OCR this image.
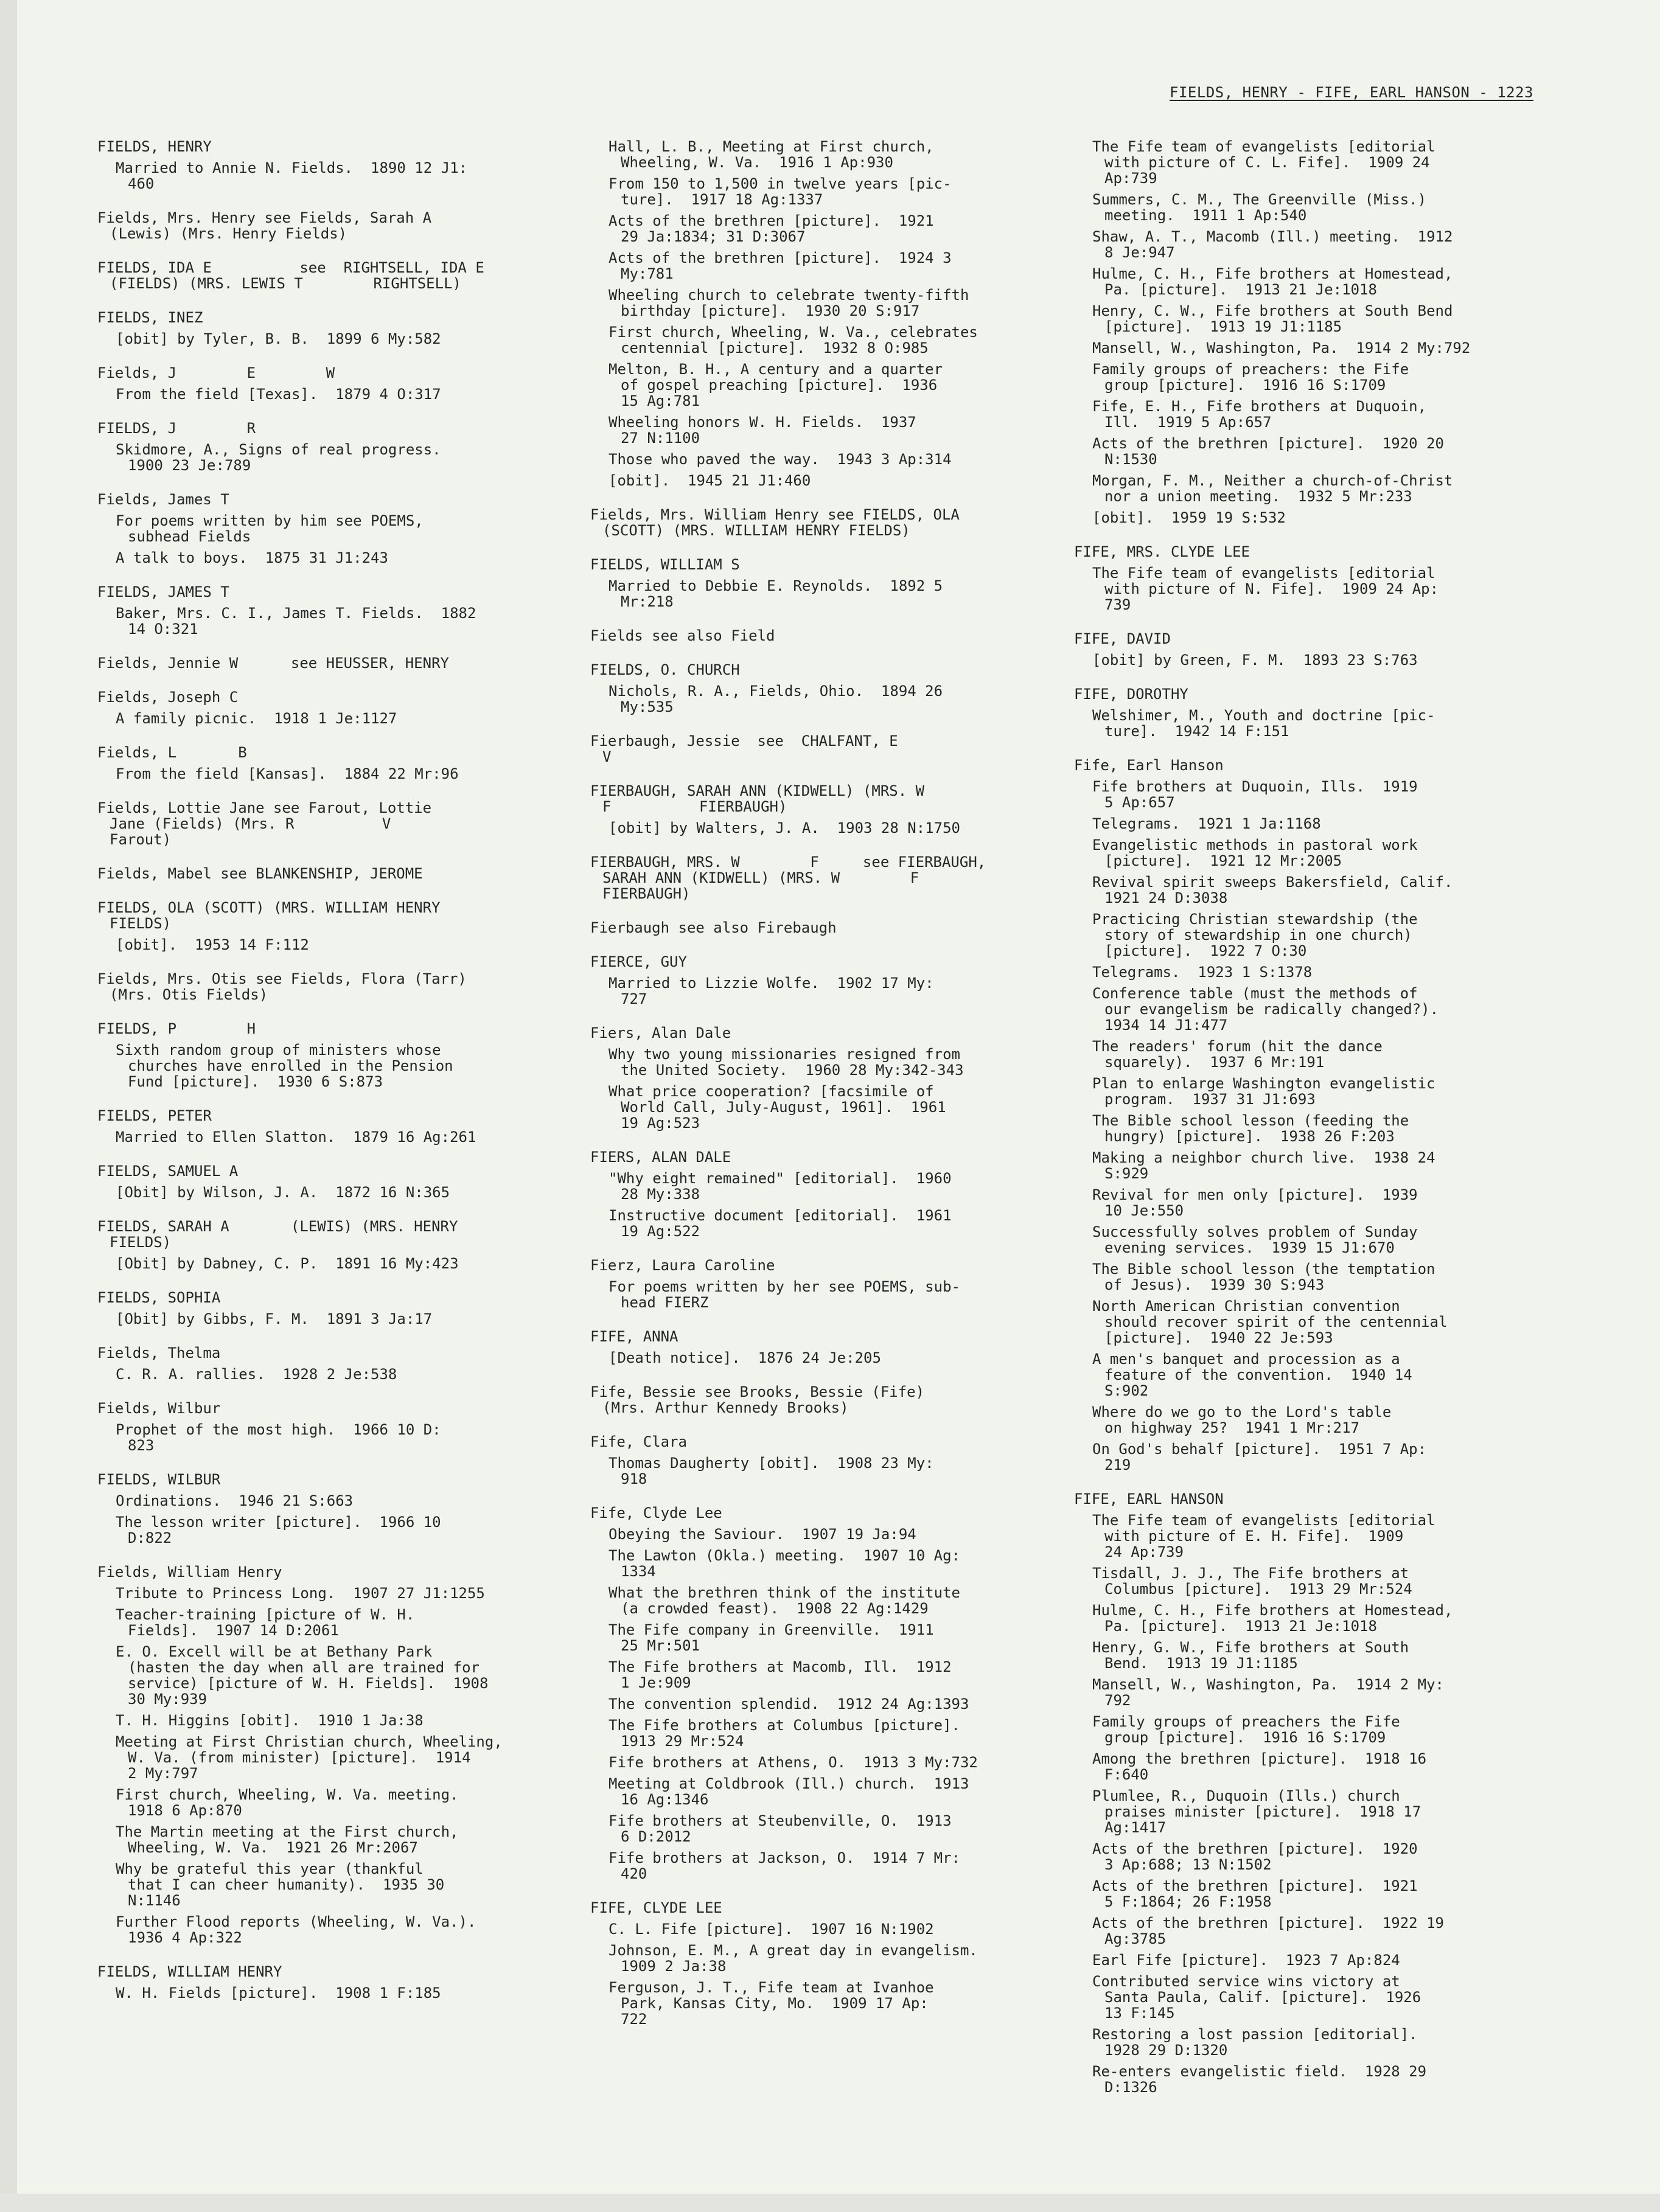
FIELDS, HENRY - FIFE, EARL HANSON - 1223
FIELDS, HENRY
Married to Annie N. Fields.  1890 12 J1:
460
Fields, Mrs. Henry see Fields, Sarah A
(Lewis) (Mrs. Henry Fields)
FIELDS, IDA E          see  RIGHTSELL, IDA E
(FIELDS) (MRS. LEWIS T        RIGHTSELL)
FIELDS, INEZ
[obit] by Tyler, B. B.  1899 6 My:582
Fields, J        E        W
From the field [Texas].  1879 4 O:317
FIELDS, J        R
Skidmore, A., Signs of real progress.
1900 23 Je:789
Fields, James T
For poems written by him see POEMS,
subhead Fields
A talk to boys.  1875 31 J1:243
FIELDS, JAMES T
Baker, Mrs. C. I., James T. Fields.  1882
14 O:321
Fields, Jennie W      see HEUSSER, HENRY
Fields, Joseph C
A family picnic.  1918 1 Je:1127
Fields, L       B
From the field [Kansas].  1884 22 Mr:96
Fields, Lottie Jane see Farout, Lottie
Jane (Fields) (Mrs. R          V
Farout)
Fields, Mabel see BLANKENSHIP, JEROME
FIELDS, OLA (SCOTT) (MRS. WILLIAM HENRY
FIELDS)
[obit].  1953 14 F:112
Fields, Mrs. Otis see Fields, Flora (Tarr)
(Mrs. Otis Fields)
FIELDS, P        H
Sixth random group of ministers whose
churches have enrolled in the Pension
Fund [picture].  1930 6 S:873
FIELDS, PETER
Married to Ellen Slatton.  1879 16 Ag:261
FIELDS, SAMUEL A
[Obit] by Wilson, J. A.  1872 16 N:365
FIELDS, SARAH A       (LEWIS) (MRS. HENRY
FIELDS)
[Obit] by Dabney, C. P.  1891 16 My:423
FIELDS, SOPHIA
[Obit] by Gibbs, F. M.  1891 3 Ja:17
Fields, Thelma
C. R. A. rallies.  1928 2 Je:538
Fields, Wilbur
Prophet of the most high.  1966 10 D:
823
FIELDS, WILBUR
Ordinations.  1946 21 S:663
The lesson writer [picture].  1966 10
D:822
Fields, William Henry
Tribute to Princess Long.  1907 27 J1:1255
Teacher-training [picture of W. H.
Fields].  1907 14 D:2061
E. O. Excell will be at Bethany Park
(hasten the day when all are trained for
service) [picture of W. H. Fields].  1908
30 My:939
T. H. Higgins [obit].  1910 1 Ja:38
Meeting at First Christian church, Wheeling,
W. Va. (from minister) [picture].  1914
2 My:797
First church, Wheeling, W. Va. meeting.
1918 6 Ap:870
The Martin meeting at the First church,
Wheeling, W. Va.  1921 26 Mr:2067
Why be grateful this year (thankful
that I can cheer humanity).  1935 30
N:1146
Further Flood reports (Wheeling, W. Va.).
1936 4 Ap:322
FIELDS, WILLIAM HENRY
W. H. Fields [picture].  1908 1 F:185
Hall, L. B., Meeting at First church,
Wheeling, W. Va.  1916 1 Ap:930
From 150 to 1,500 in twelve years [pic-
ture].  1917 18 Ag:1337
Acts of the brethren [picture].  1921
29 Ja:1834; 31 D:3067
Acts of the brethren [picture].  1924 3
My:781
Wheeling church to celebrate twenty-fifth
birthday [picture].  1930 20 S:917
First church, Wheeling, W. Va., celebrates
centennial [picture].  1932 8 O:985
Melton, B. H., A century and a quarter
of gospel preaching [picture].  1936
15 Ag:781
Wheeling honors W. H. Fields.  1937
27 N:1100
Those who paved the way.  1943 3 Ap:314
[obit].  1945 21 J1:460
Fields, Mrs. William Henry see FIELDS, OLA
(SCOTT) (MRS. WILLIAM HENRY FIELDS)
FIELDS, WILLIAM S
Married to Debbie E. Reynolds.  1892 5
Mr:218
Fields see also Field
FIELDS, O. CHURCH
Nichols, R. A., Fields, Ohio.  1894 26
My:535
Fierbaugh, Jessie  see  CHALFANT, E
V
FIERBAUGH, SARAH ANN (KIDWELL) (MRS. W
F          FIERBAUGH)
[obit] by Walters, J. A.  1903 28 N:1750
FIERBAUGH, MRS. W        F     see FIERBAUGH,
SARAH ANN (KIDWELL) (MRS. W        F
FIERBAUGH)
Fierbaugh see also Firebaugh
FIERCE, GUY
Married to Lizzie Wolfe.  1902 17 My:
727
Fiers, Alan Dale
Why two young missionaries resigned from
the United Society.  1960 28 My:342-343
What price cooperation? [facsimile of
World Call, July-August, 1961].  1961
19 Ag:523
FIERS, ALAN DALE
"Why eight remained" [editorial].  1960
28 My:338
Instructive document [editorial].  1961
19 Ag:522
Fierz, Laura Caroline
For poems written by her see POEMS, sub-
head FIERZ
FIFE, ANNA
[Death notice].  1876 24 Je:205
Fife, Bessie see Brooks, Bessie (Fife)
(Mrs. Arthur Kennedy Brooks)
Fife, Clara
Thomas Daugherty [obit].  1908 23 My:
918
Fife, Clyde Lee
Obeying the Saviour.  1907 19 Ja:94
The Lawton (Okla.) meeting.  1907 10 Ag:
1334
What the brethren think of the institute
(a crowded feast).  1908 22 Ag:1429
The Fife company in Greenville.  1911
25 Mr:501
The Fife brothers at Macomb, Ill.  1912
1 Je:909
The convention splendid.  1912 24 Ag:1393
The Fife brothers at Columbus [picture].
1913 29 Mr:524
Fife brothers at Athens, O.  1913 3 My:732
Meeting at Coldbrook (Ill.) church.  1913
16 Ag:1346
Fife brothers at Steubenville, O.  1913
6 D:2012
Fife brothers at Jackson, O.  1914 7 Mr:
420
FIFE, CLYDE LEE
C. L. Fife [picture].  1907 16 N:1902
Johnson, E. M., A great day in evangelism.
1909 2 Ja:38
Ferguson, J. T., Fife team at Ivanhoe
Park, Kansas City, Mo.  1909 17 Ap:
722
The Fife team of evangelists [editorial
with picture of C. L. Fife].  1909 24
Ap:739
Summers, C. M., The Greenville (Miss.)
meeting.  1911 1 Ap:540
Shaw, A. T., Macomb (Ill.) meeting.  1912
8 Je:947
Hulme, C. H., Fife brothers at Homestead,
Pa. [picture].  1913 21 Je:1018
Henry, C. W., Fife brothers at South Bend
[picture].  1913 19 J1:1185
Mansell, W., Washington, Pa.  1914 2 My:792
Family groups of preachers: the Fife
group [picture].  1916 16 S:1709
Fife, E. H., Fife brothers at Duquoin,
Ill.  1919 5 Ap:657
Acts of the brethren [picture].  1920 20
N:1530
Morgan, F. M., Neither a church-of-Christ
nor a union meeting.  1932 5 Mr:233
[obit].  1959 19 S:532
FIFE, MRS. CLYDE LEE
The Fife team of evangelists [editorial
with picture of N. Fife].  1909 24 Ap:
739
FIFE, DAVID
[obit] by Green, F. M.  1893 23 S:763
FIFE, DOROTHY
Welshimer, M., Youth and doctrine [pic-
ture].  1942 14 F:151
Fife, Earl Hanson
Fife brothers at Duquoin, Ills.  1919
5 Ap:657
Telegrams.  1921 1 Ja:1168
Evangelistic methods in pastoral work
[picture].  1921 12 Mr:2005
Revival spirit sweeps Bakersfield, Calif.
1921 24 D:3038
Practicing Christian stewardship (the
story of stewardship in one church)
[picture].  1922 7 O:30
Telegrams.  1923 1 S:1378
Conference table (must the methods of
our evangelism be radically changed?).
1934 14 J1:477
The readers' forum (hit the dance
squarely).  1937 6 Mr:191
Plan to enlarge Washington evangelistic
program.  1937 31 J1:693
The Bible school lesson (feeding the
hungry) [picture].  1938 26 F:203
Making a neighbor church live.  1938 24
S:929
Revival for men only [picture].  1939
10 Je:550
Successfully solves problem of Sunday
evening services.  1939 15 J1:670
The Bible school lesson (the temptation
of Jesus).  1939 30 S:943
North American Christian convention
should recover spirit of the centennial
[picture].  1940 22 Je:593
A men's banquet and procession as a
feature of the convention.  1940 14
S:902
Where do we go to the Lord's table
on highway 25?  1941 1 Mr:217
On God's behalf [picture].  1951 7 Ap:
219
FIFE, EARL HANSON
The Fife team of evangelists [editorial
with picture of E. H. Fife].  1909
24 Ap:739
Tisdall, J. J., The Fife brothers at
Columbus [picture].  1913 29 Mr:524
Hulme, C. H., Fife brothers at Homestead,
Pa. [picture].  1913 21 Je:1018
Henry, G. W., Fife brothers at South
Bend.  1913 19 J1:1185
Mansell, W., Washington, Pa.  1914 2 My:
792
Family groups of preachers the Fife
group [picture].  1916 16 S:1709
Among the brethren [picture].  1918 16
F:640
Plumlee, R., Duquoin (Ills.) church
praises minister [picture].  1918 17
Ag:1417
Acts of the brethren [picture].  1920
3 Ap:688; 13 N:1502
Acts of the brethren [picture].  1921
5 F:1864; 26 F:1958
Acts of the brethren [picture].  1922 19
Ag:3785
Earl Fife [picture].  1923 7 Ap:824
Contributed service wins victory at
Santa Paula, Calif. [picture].  1926
13 F:145
Restoring a lost passion [editorial].
1928 29 D:1320
Re-enters evangelistic field.  1928 29
D:1326
